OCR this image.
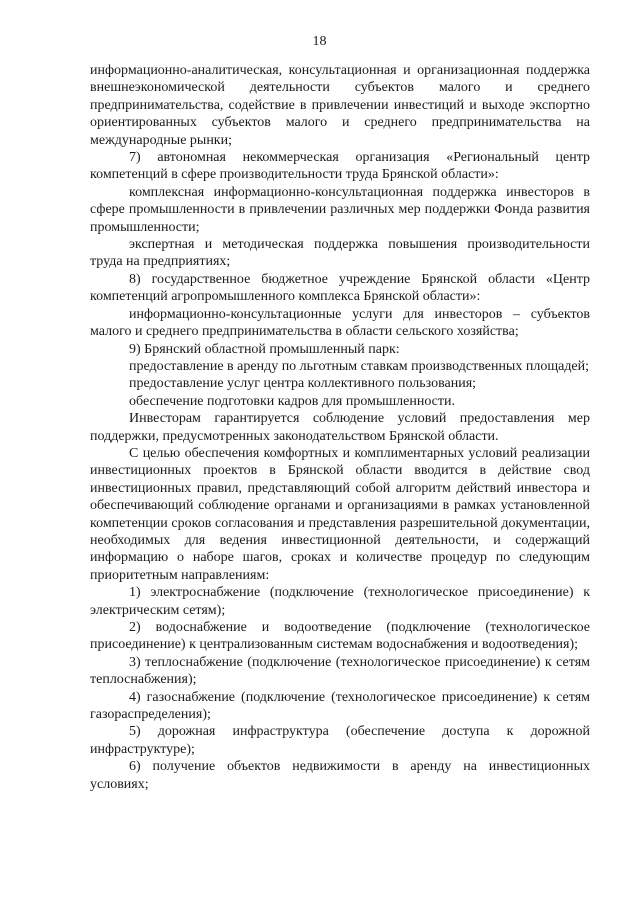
18

информационно-аналитическая, консультационная и организационная поддержка внешнеэкономической деятельности субъектов малого и среднего предпринимательства, содействие в привлечении инвестиций и выходе экспортно ориентированных субъектов малого и среднего предпринимательства на международные рынки;

7) автономная некоммерческая организация «Региональный центр компетенций в сфере производительности труда Брянской области»:

комплексная информационно-консультационная поддержка инвесторов в сфере промышленности в привлечении различных мер поддержки Фонда развития промышленности;

экспертная и методическая поддержка повышения производительности труда на предприятиях;

8) государственное бюджетное учреждение Брянской области «Центр компетенций агропромышленного комплекса Брянской области»:

информационно-консультационные услуги для инвесторов – субъектов малого и среднего предпринимательства в области сельского хозяйства;

9) Брянский областной промышленный парк:

предоставление в аренду по льготным ставкам производственных площадей;

предоставление услуг центра коллективного пользования;

обеспечение подготовки кадров для промышленности.

Инвесторам гарантируется соблюдение условий предоставления мер поддержки, предусмотренных законодательством Брянской области.

С целью обеспечения комфортных и комплиментарных условий реализации инвестиционных проектов в Брянской области вводится в действие свод инвестиционных правил, представляющий собой алгоритм действий инвестора и обеспечивающий соблюдение органами и организациями в рамках установленной компетенции сроков согласования и представления разрешительной документации, необходимых для ведения инвестиционной деятельности, и содержащий информацию о наборе шагов, сроках и количестве процедур по следующим приоритетным направлениям:

1) электроснабжение (подключение (технологическое присоединение) к электрическим сетям);

2) водоснабжение и водоотведение (подключение (технологическое присоединение) к централизованным системам водоснабжения и водоотведения);

3) теплоснабжение (подключение (технологическое присоединение) к сетям теплоснабжения);

4) газоснабжение (подключение (технологическое присоединение) к сетям газораспределения);

5) дорожная инфраструктура (обеспечение доступа к дорожной инфраструктуре);

6) получение объектов недвижимости в аренду на инвестиционных условиях;
